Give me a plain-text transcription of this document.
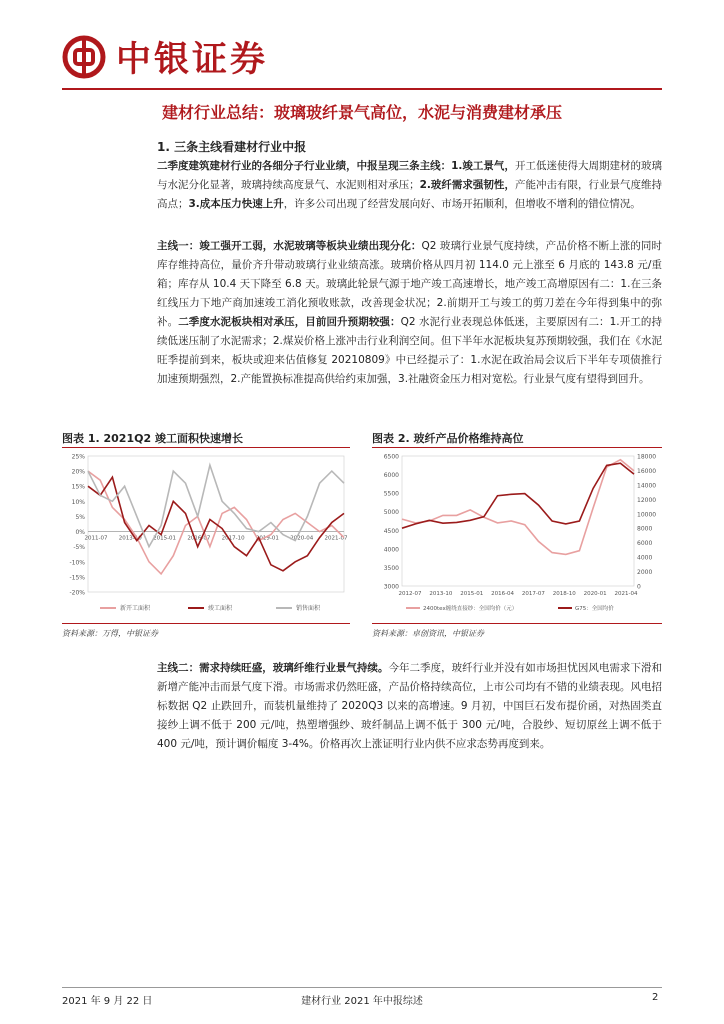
中银证券
建材行业总结：玻璃玻纤景气高位，水泥与消费建材承压
1. 三条主线看建材行业中报

二季度建筑建材行业的各细分子行业业绩，中报呈现三条主线：1.竣工景气，开工低迷使得大周期建材的玻璃与水泥分化显著，玻璃持续高度景气、水泥则相对承压；2.玻纤需求强韧性，产能冲击有限，行业景气度维持高点；3.成本压力快速上升，许多公司出现了经营发展向好、市场开拓顺利，但增收不增利的错位情况。

主线一：竣工强开工弱，水泥玻璃等板块业绩出现分化：Q2 玻璃行业景气度持续，产品价格不断上涨的同时库存维持高位，量价齐升带动玻璃行业业绩高涨。玻璃价格从四月初 114.0 元上涨至 6 月底的 143.8 元/重箱；库存从 10.4 天下降至 6.8 天。玻璃此轮景气源于地产竣工高速增长，地产竣工高增原因有二：1.在三条红线压力下地产商加速竣工消化预收账款，改善现金状况；2.前期开工与竣工的剪刀差在今年得到集中的弥补。二季度水泥板块相对承压，目前回升预期较强：Q2 水泥行业表现总体低迷，主要原因有二：1.开工的持续低迷压制了水泥需求；2.煤炭价格上涨冲击行业利润空间。但下半年水泥板块复苏预期较强，我们在《水泥旺季提前到来，板块或迎来估值修复 20210809》中已经提示了：1.水泥在政治局会议后下半年专项债推行加速预期强烈，2.产能置换标准提高供给约束加强，3.社融资金压力相对宽松。行业景气度有望得到回升。

图表 1. 2021Q2 竣工面积快速增长
25%
20%
15%
10%
5%
0%
-5%
-10%
-15%
-20%
2011-07 2013-10 2015-01 2016-07 2017-10 2019-01 2020-04 2021-07
新开工面积	竣工面积	销售面积
资料来源：万得，中银证券
图表 2. 玻纤产品价格维持高位
6500
6000
5500
5000
4500
4000
3500
3000
18000
16000
14000
12000
10000
8000
6000
4000
2000
0
2012-07 2013-10 2015-01 2016-04 2017-07 2018-10 2020-01 2021-04
2400tex缠绕直接纱：全国均价（元）	G75：全国均价
资料来源：卓创资讯，中银证券

主线二：需求持续旺盛，玻璃纤维行业景气持续。今年二季度，玻纤行业并没有如市场担忧因风电需求下滑和新增产能冲击而景气度下滑。市场需求仍然旺盛，产品价格持续高位，上市公司均有不错的业绩表现。风电招标数据 Q2 止跌回升，而装机量维持了 2020Q3 以来的高增速。9 月初，中国巨石发布提价函，对热固类直接纱上调不低于 200 元/吨，热塑增强纱、玻纤制品上调不低于 300 元/吨，合股纱、短切原丝上调不低于 400 元/吨，预计调价幅度 3-4%。价格再次上涨证明行业内供不应求态势再度到来。

2021 年 9 月 22 日	建材行业 2021 年中报综述	2
